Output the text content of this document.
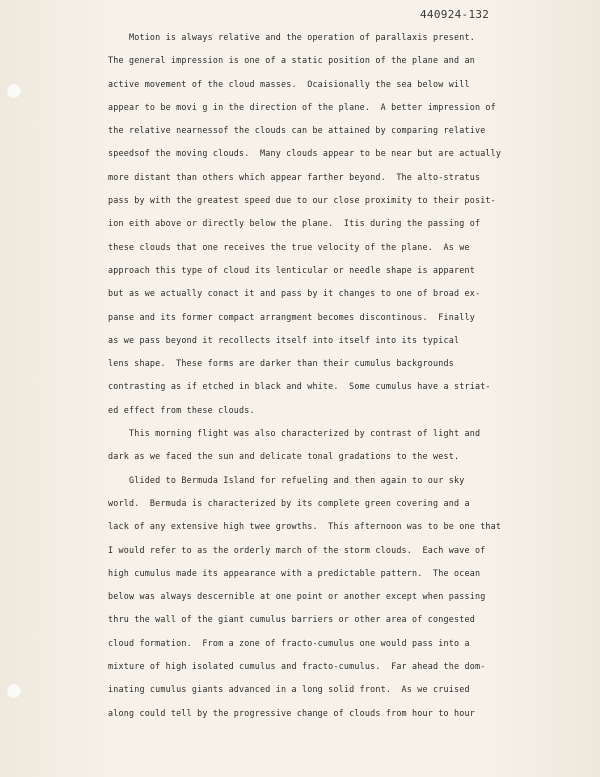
440924-132
Motion is always relative and the operation of parallaxis present.
The general impression is one of a static position of the plane and an
active movement of the cloud masses.  Ocaisionally the sea below will
appear to be movi g in the direction of the plane.  A better impression of
the relative nearnessof the clouds can be attained by comparing relative
speedsof the moving clouds.  Many clouds appear to be near but are actually
more distant than others which appear farther beyond.  The alto-stratus
pass by with the greatest speed due to our close proximity to their posit-
ion eith above or directly below the plane.  Itis during the passing of
these clouds that one receives the true velocity of the plane.  As we
approach this type of cloud its lenticular or needle shape is apparent
but as we actually conact it and pass by it changes to one of broad ex-
panse and its former compact arrangment becomes discontinous.  Finally
as we pass beyond it recollects itself into itself into its typical
lens shape.  These forms are darker than their cumulus backgrounds
contrasting as if etched in black and white.  Some cumulus have a striat-
ed effect from these clouds.
This morning flight was also characterized by contrast of light and
dark as we faced the sun and delicate tonal gradations to the west.
Glided to Bermuda Island for refueling and then again to our sky
world.  Bermuda is characterized by its complete green covering and a
lack of any extensive high twee growths.  This afternoon was to be one that
I would refer to as the orderly march of the storm clouds.  Each wave of
high cumulus made its appearance with a predictable pattern.  The ocean
below was always descernible at one point or another except when passing
thru the wall of the giant cumulus barriers or other area of congested
cloud formation.  From a zone of fracto-cumulus one would pass into a
mixture of high isolated cumulus and fracto-cumulus.  Far ahead the dom-
inating cumulus giants advanced in a long solid front.  As we cruised
along could tell by the progressive change of clouds from hour to hour
